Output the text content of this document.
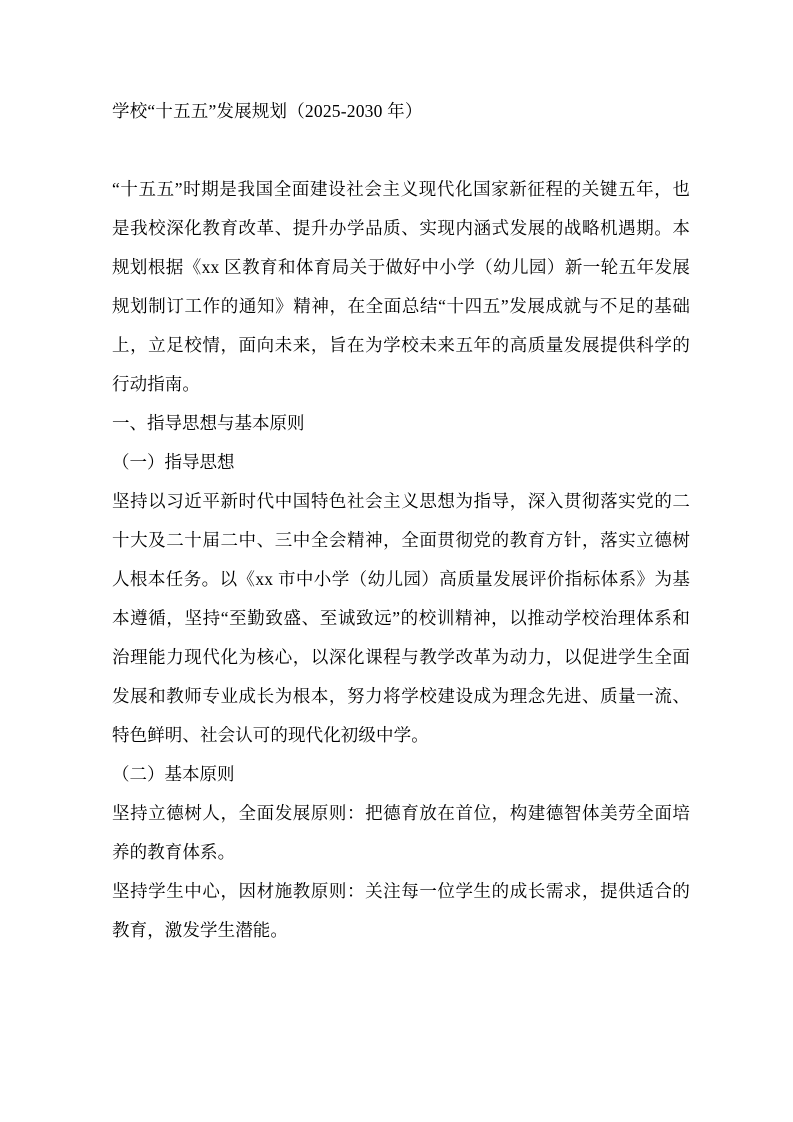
学校“十五五”发展规划（2025-2030 年）

“十五五”时期是我国全面建设社会主义现代化国家新征程的关键五年，也是我校深化教育改革、提升办学品质、实现内涵式发展的战略机遇期。本规划根据《xx 区教育和体育局关于做好中小学（幼儿园）新一轮五年发展规划制订工作的通知》精神，在全面总结“十四五”发展成就与不足的基础上，立足校情，面向未来，旨在为学校未来五年的高质量发展提供科学的行动指南。

一、指导思想与基本原则
（一）指导思想

坚持以习近平新时代中国特色社会主义思想为指导，深入贯彻落实党的二十大及二十届二中、三中全会精神，全面贯彻党的教育方针，落实立德树人根本任务。以《xx 市中小学（幼儿园）高质量发展评价指标体系》为基本遵循，坚持“至勤致盛、至诚致远”的校训精神，以推动学校治理体系和治理能力现代化为核心，以深化课程与教学改革为动力，以促进学生全面发展和教师专业成长为根本，努力将学校建设成为理念先进、质量一流、特色鲜明、社会认可的现代化初级中学。

（二）基本原则

坚持立德树人，全面发展原则：把德育放在首位，构建德智体美劳全面培养的教育体系。

坚持学生中心，因材施教原则：关注每一位学生的成长需求，提供适合的教育，激发学生潜能。
